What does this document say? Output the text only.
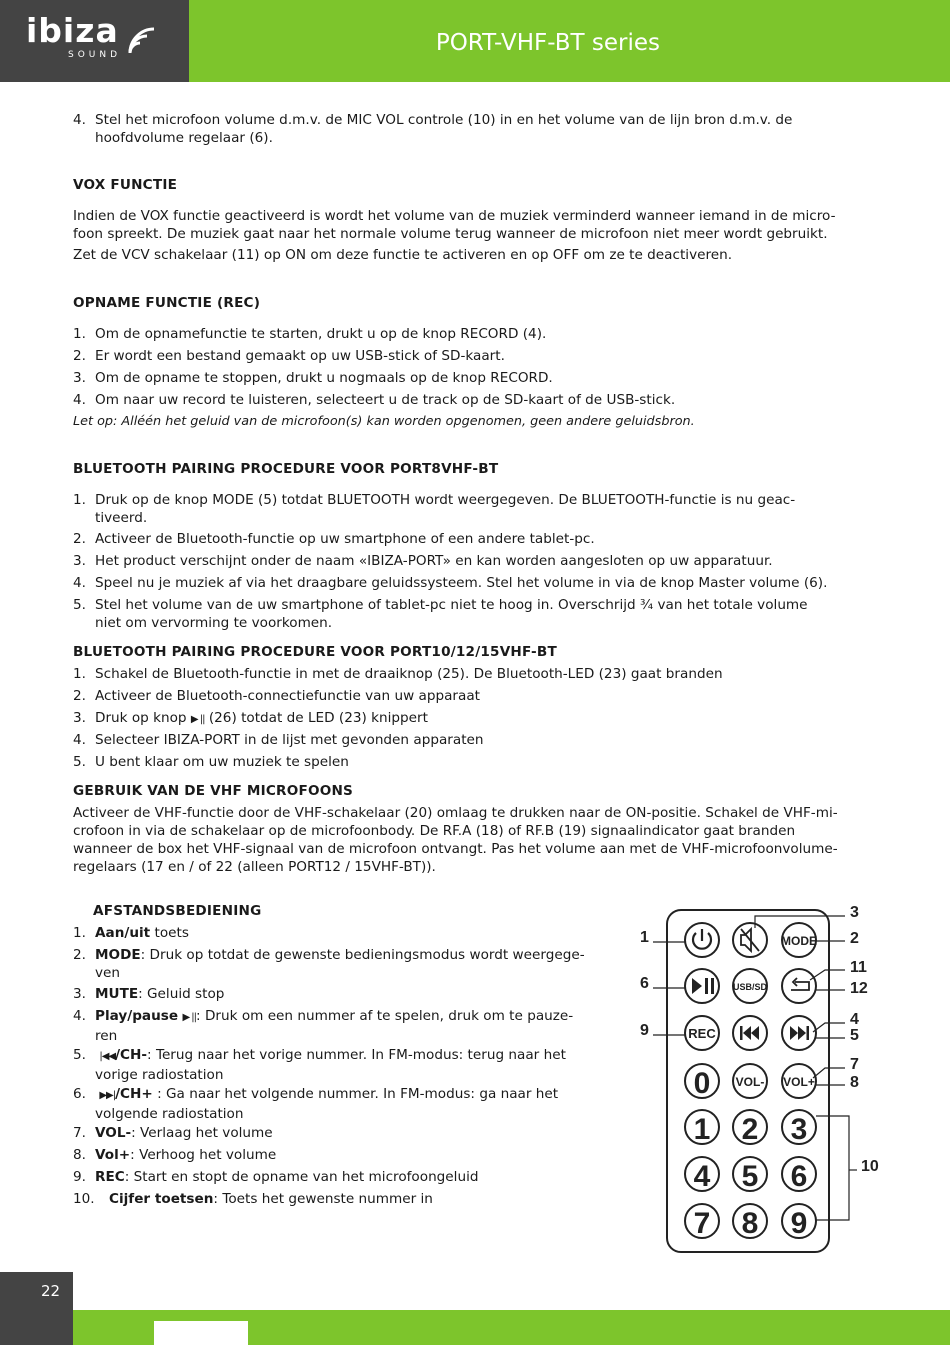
ibiza
SOUND	PORT-VHF-BT series
4. Stel het microfoon volume d.m.v. de MIC VOL controle (10) in en het volume van de lijn bron d.m.v. de
hoofdvolume regelaar (6).
VOX FUNCTIE
Indien de VOX functie geactiveerd is wordt het volume van de muziek verminderd wanneer iemand in de micro-
foon spreekt. De muziek gaat naar het normale volume terug wanneer de microfoon niet meer wordt gebruikt.
Zet de VCV schakelaar (11) op ON om deze functie te activeren en op OFF om ze te deactiveren.
OPNAME FUNCTIE (REC)
1. Om de opnamefunctie te starten, drukt u op de knop RECORD (4).
2. Er wordt een bestand gemaakt op uw USB-stick of SD-kaart.
3. Om de opname te stoppen, drukt u nogmaals op de knop RECORD.
4. Om naar uw record te luisteren, selecteert u de track op de SD-kaart of de USB-stick.
Let op: Alléén het geluid van de microfoon(s) kan worden opgenomen, geen andere geluidsbron.
BLUETOOTH PAIRING PROCEDURE VOOR PORT8VHF-BT
1. Druk op de knop MODE (5) totdat BLUETOOTH wordt weergegeven. De BLUETOOTH-functie is nu geac-
tiveerd.
2. Activeer de Bluetooth-functie op uw smartphone of een andere tablet-pc.
3. Het product verschijnt onder de naam «IBIZA-PORT» en kan worden aangesloten op uw apparatuur.
4. Speel nu je muziek af via het draagbare geluidssysteem. Stel het volume in via de knop Master volume (6).
5. Stel het volume van de uw smartphone of tablet-pc niet te hoog in. Overschrijd ¾ van het totale volume
niet om vervorming te voorkomen.
BLUETOOTH PAIRING PROCEDURE VOOR PORT10/12/15VHF-BT
1. Schakel de Bluetooth-functie in met de draaiknop (25). De Bluetooth-LED (23) gaat branden
2. Activeer de Bluetooth-connectiefunctie van uw apparaat
3. Druk op knop ▶ || (26) totdat de LED (23) knippert
4. Selecteer IBIZA-PORT in de lijst met gevonden apparaten
5. U bent klaar om uw muziek te spelen
GEBRUIK VAN DE VHF MICROFOONS
Activeer de VHF-functie door de VHF-schakelaar (20) omlaag te drukken naar de ON-positie. Schakel de VHF-mi-
crofoon in via de schakelaar op de microfoonbody. De RF.A (18) of RF.B (19) signaalindicator gaat branden
wanneer de box het VHF-signaal van de microfoon ontvangt. Pas het volume aan met de VHF-microfoonvolume-
regelaars (17 en / of 22 (alleen PORT12 / 15VHF-BT)).
AFSTANDSBEDIENING
1. Aan/uit toets
2. MODE: Druk op totdat de gewenste bedieningsmodus wordt weergege-
ven
3. MUTE: Geluid stop
4. Play/pause ▶ ||: Druk om een nummer af te spelen, druk om te pauze-
ren
5.	|◀◀/CH-: Terug naar het vorige nummer. In FM-modus: terug naar het
vorige radiostation
6.	▶▶|/CH+ : Ga naar het volgende nummer. In FM-modus: ga naar het
volgende radiostation
7. VOL-: Verlaag het volume
8. Vol+: Verhoog het volume
9. REC: Start en stopt de opname van het microfoongeluid
10. Cijfer toetsen: Toets het gewenste nummer in
MODE
USB/SD
REC
0 VOL- VOL+
1 2 3
4 5 6
7 8 9
1
6
9
3
2
11
12
4
5
7
8
10
22
